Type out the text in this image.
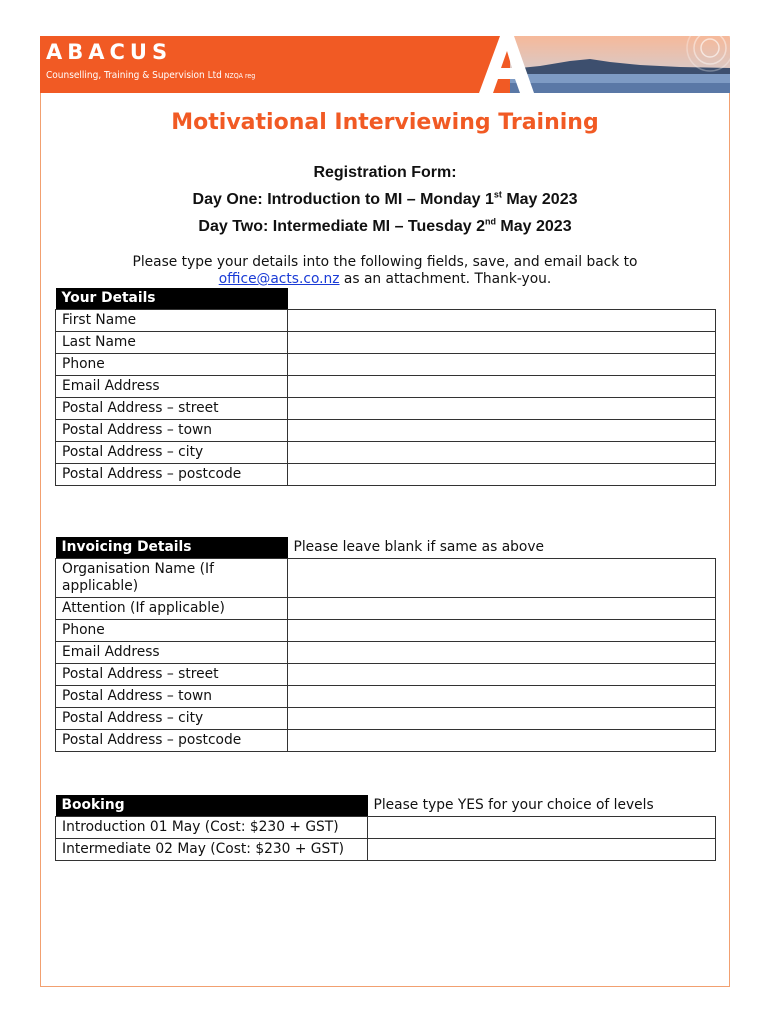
ABACUS
Counselling, Training & Supervision Ltd NZQA reg
Motivational Interviewing Training
Registration Form:
Day One: Introduction to MI – Monday 1st May 2023
Day Two: Intermediate MI – Tuesday 2nd May 2023
Please type your details into the following fields, save, and email back to
office@acts.co.nz as an attachment. Thank-you.
Your Details	
First Name	
Last Name	
Phone	
Email Address	
Postal Address – street	
Postal Address – town	
Postal Address – city	
Postal Address – postcode	
Invoicing Details	Please leave blank if same as above
Organisation Name (If applicable)	
Attention (If applicable)	
Phone	
Email Address	
Postal Address – street	
Postal Address – town	
Postal Address – city	
Postal Address – postcode	
Booking	Please type YES for your choice of levels
Introduction 01 May (Cost: $230 + GST)	
Intermediate 02 May (Cost: $230 + GST)	
